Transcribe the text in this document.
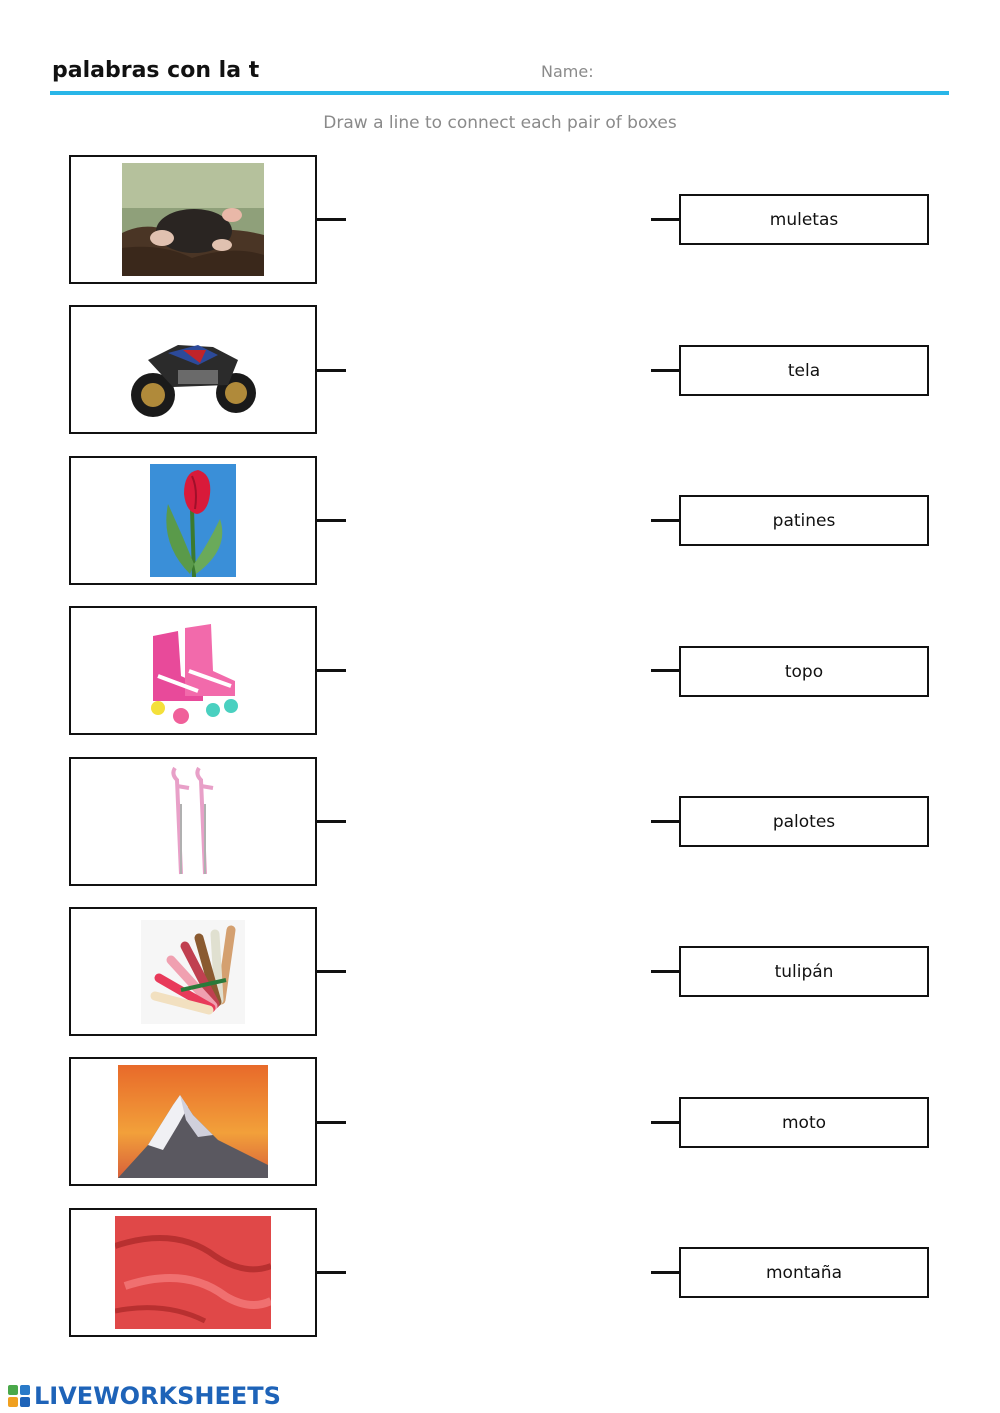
palabras con la t	Name:
Draw a line to connect each pair of boxes
muletas
tela
patines
topo
palotes
tulipán
moto
montaña
LIVEWORKSHEETS
